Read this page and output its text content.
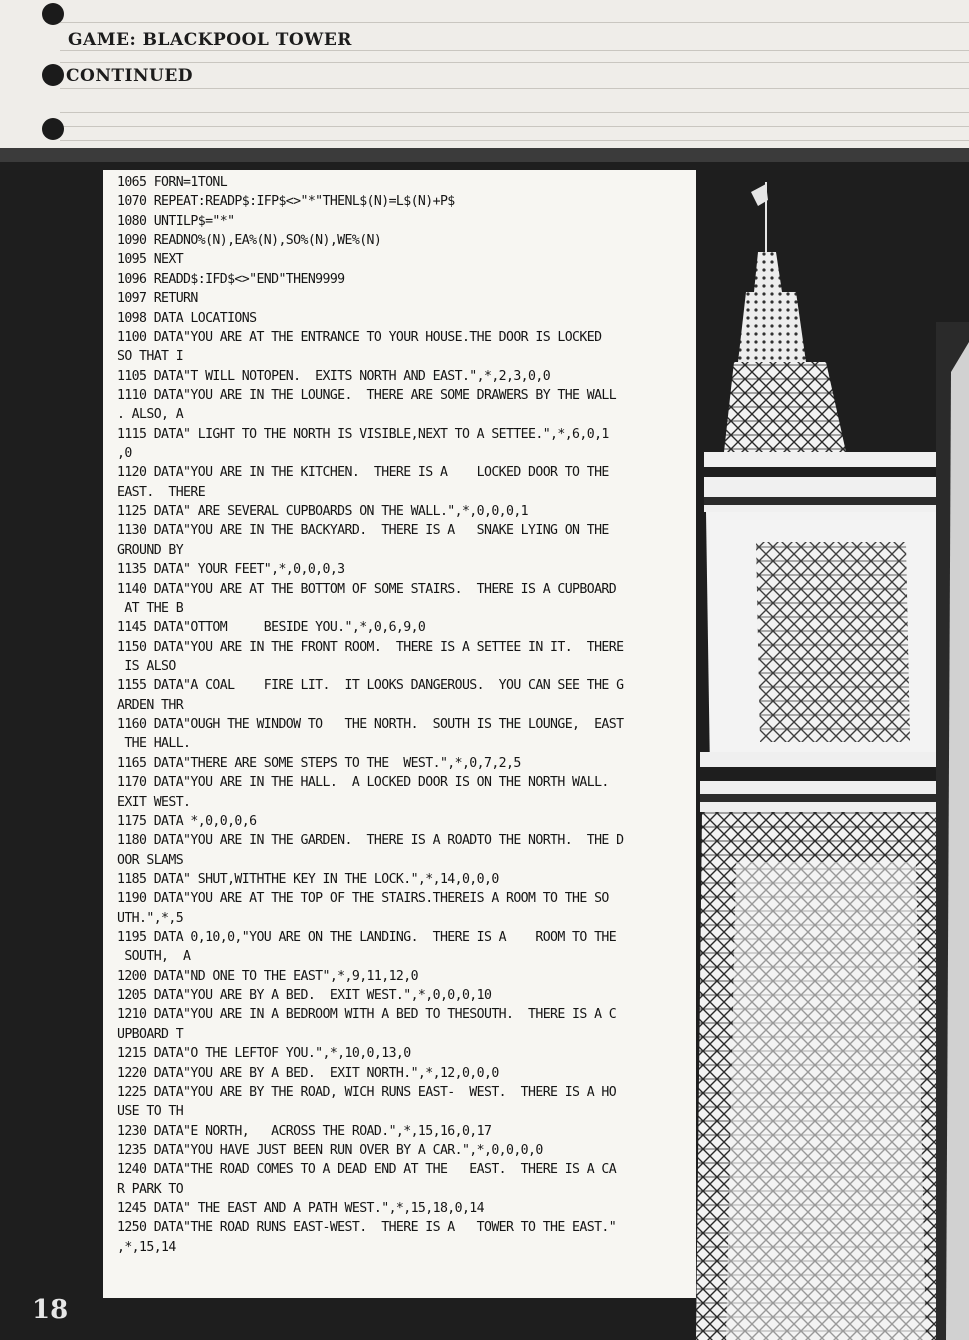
GAME: BLACKPOOL TOWER
CONTINUED
1065 FORN=1TONL
1070 REPEAT:READP$:IFP$<>"*"THENL$(N)=L$(N)+P$
1080 UNTILP$="*"
1090 READNO%(N),EA%(N),SO%(N),WE%(N)
1095 NEXT
1096 READD$:IFD$<>"END"THEN9999
1097 RETURN
1098 DATA LOCATIONS
1100 DATA"YOU ARE AT THE ENTRANCE TO YOUR HOUSE.THE DOOR IS LOCKED
SO THAT I
1105 DATA"T WILL NOTOPEN.  EXITS NORTH AND EAST.",*,2,3,0,0
1110 DATA"YOU ARE IN THE LOUNGE.  THERE ARE SOME DRAWERS BY THE WALL
. ALSO, A
1115 DATA" LIGHT TO THE NORTH IS VISIBLE,NEXT TO A SETTEE.",*,6,0,1
,0
1120 DATA"YOU ARE IN THE KITCHEN.  THERE IS A    LOCKED DOOR TO THE
EAST.  THERE
1125 DATA" ARE SEVERAL CUPBOARDS ON THE WALL.",*,0,0,0,1
1130 DATA"YOU ARE IN THE BACKYARD.  THERE IS A   SNAKE LYING ON THE
GROUND BY
1135 DATA" YOUR FEET",*,0,0,0,3
1140 DATA"YOU ARE AT THE BOTTOM OF SOME STAIRS.  THERE IS A CUPBOARD
AT THE B
1145 DATA"OTTOM     BESIDE YOU.",*,0,6,9,0
1150 DATA"YOU ARE IN THE FRONT ROOM.  THERE IS A SETTEE IN IT.  THERE
IS ALSO
1155 DATA"A COAL    FIRE LIT.  IT LOOKS DANGEROUS.  YOU CAN SEE THE G
ARDEN THR
1160 DATA"OUGH THE WINDOW TO   THE NORTH.  SOUTH IS THE LOUNGE,  EAST
THE HALL.
1165 DATA"THERE ARE SOME STEPS TO THE  WEST.",*,0,7,2,5
1170 DATA"YOU ARE IN THE HALL.  A LOCKED DOOR IS ON THE NORTH WALL.
EXIT WEST.
1175 DATA *,0,0,0,6
1180 DATA"YOU ARE IN THE GARDEN.  THERE IS A ROADTO THE NORTH.  THE D
OOR SLAMS
1185 DATA" SHUT,WITHTHE KEY IN THE LOCK.",*,14,0,0,0
1190 DATA"YOU ARE AT THE TOP OF THE STAIRS.THEREIS A ROOM TO THE SO
UTH.",*,5
1195 DATA 0,10,0,"YOU ARE ON THE LANDING.  THERE IS A    ROOM TO THE
SOUTH,  A
1200 DATA"ND ONE TO THE EAST",*,9,11,12,0
1205 DATA"YOU ARE BY A BED.  EXIT WEST.",*,0,0,0,10
1210 DATA"YOU ARE IN A BEDROOM WITH A BED TO THESOUTH.  THERE IS A C
UPBOARD T
1215 DATA"O THE LEFTOF YOU.",*,10,0,13,0
1220 DATA"YOU ARE BY A BED.  EXIT NORTH.",*,12,0,0,0
1225 DATA"YOU ARE BY THE ROAD, WICH RUNS EAST-  WEST.  THERE IS A HO
USE TO TH
1230 DATA"E NORTH,   ACROSS THE ROAD.",*,15,16,0,17
1235 DATA"YOU HAVE JUST BEEN RUN OVER BY A CAR.",*,0,0,0,0
1240 DATA"THE ROAD COMES TO A DEAD END AT THE   EAST.  THERE IS A CA
R PARK TO
1245 DATA" THE EAST AND A PATH WEST.",*,15,18,0,14
1250 DATA"THE ROAD RUNS EAST-WEST.  THERE IS A   TOWER TO THE EAST."
,*,15,14
18
